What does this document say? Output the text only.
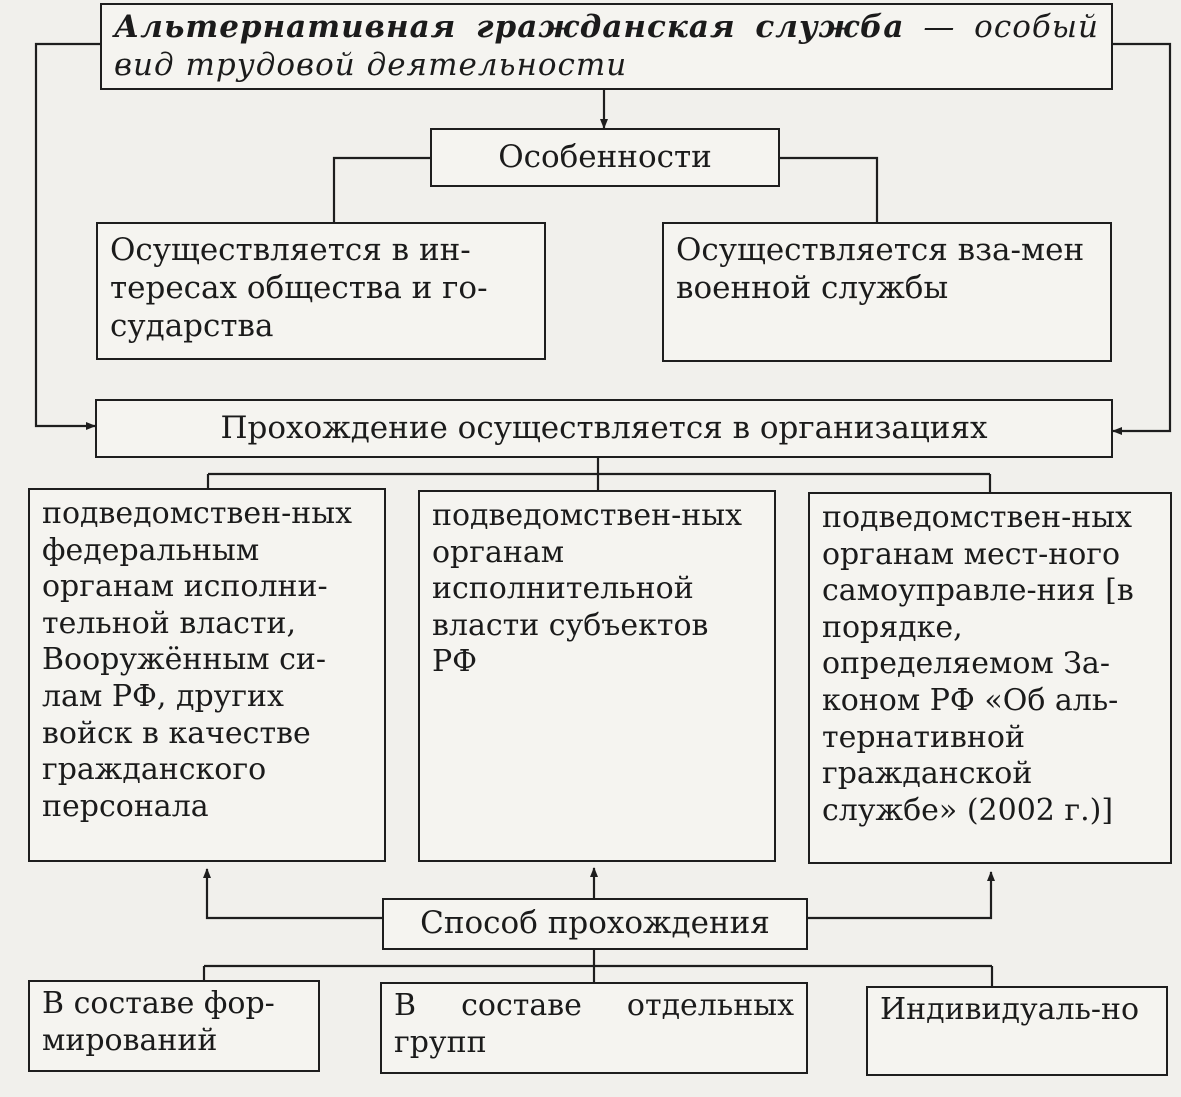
Альтернативная гражданская служба — особый вид трудовой деятельности
Особенности
Осуществляется в ин-тересах общества и го-сударства
Осуществляется вза-мен военной службы
Прохождение осуществляется в организациях
подведомствен-ных федеральным органам исполни-тельной власти, Вооружённым си-лам РФ, других войск в качестве гражданского персонала
подведомствен-ных органам исполнительной власти субъектов РФ
подведомствен-ных органам мест-ного самоуправле-ния [в порядке, определяемом За-коном РФ «Об аль-тернативной гражданской службе» (2002 г.)]
Способ прохождения
В составе фор-мирований
В составе отдельных групп
Индивидуаль-но
